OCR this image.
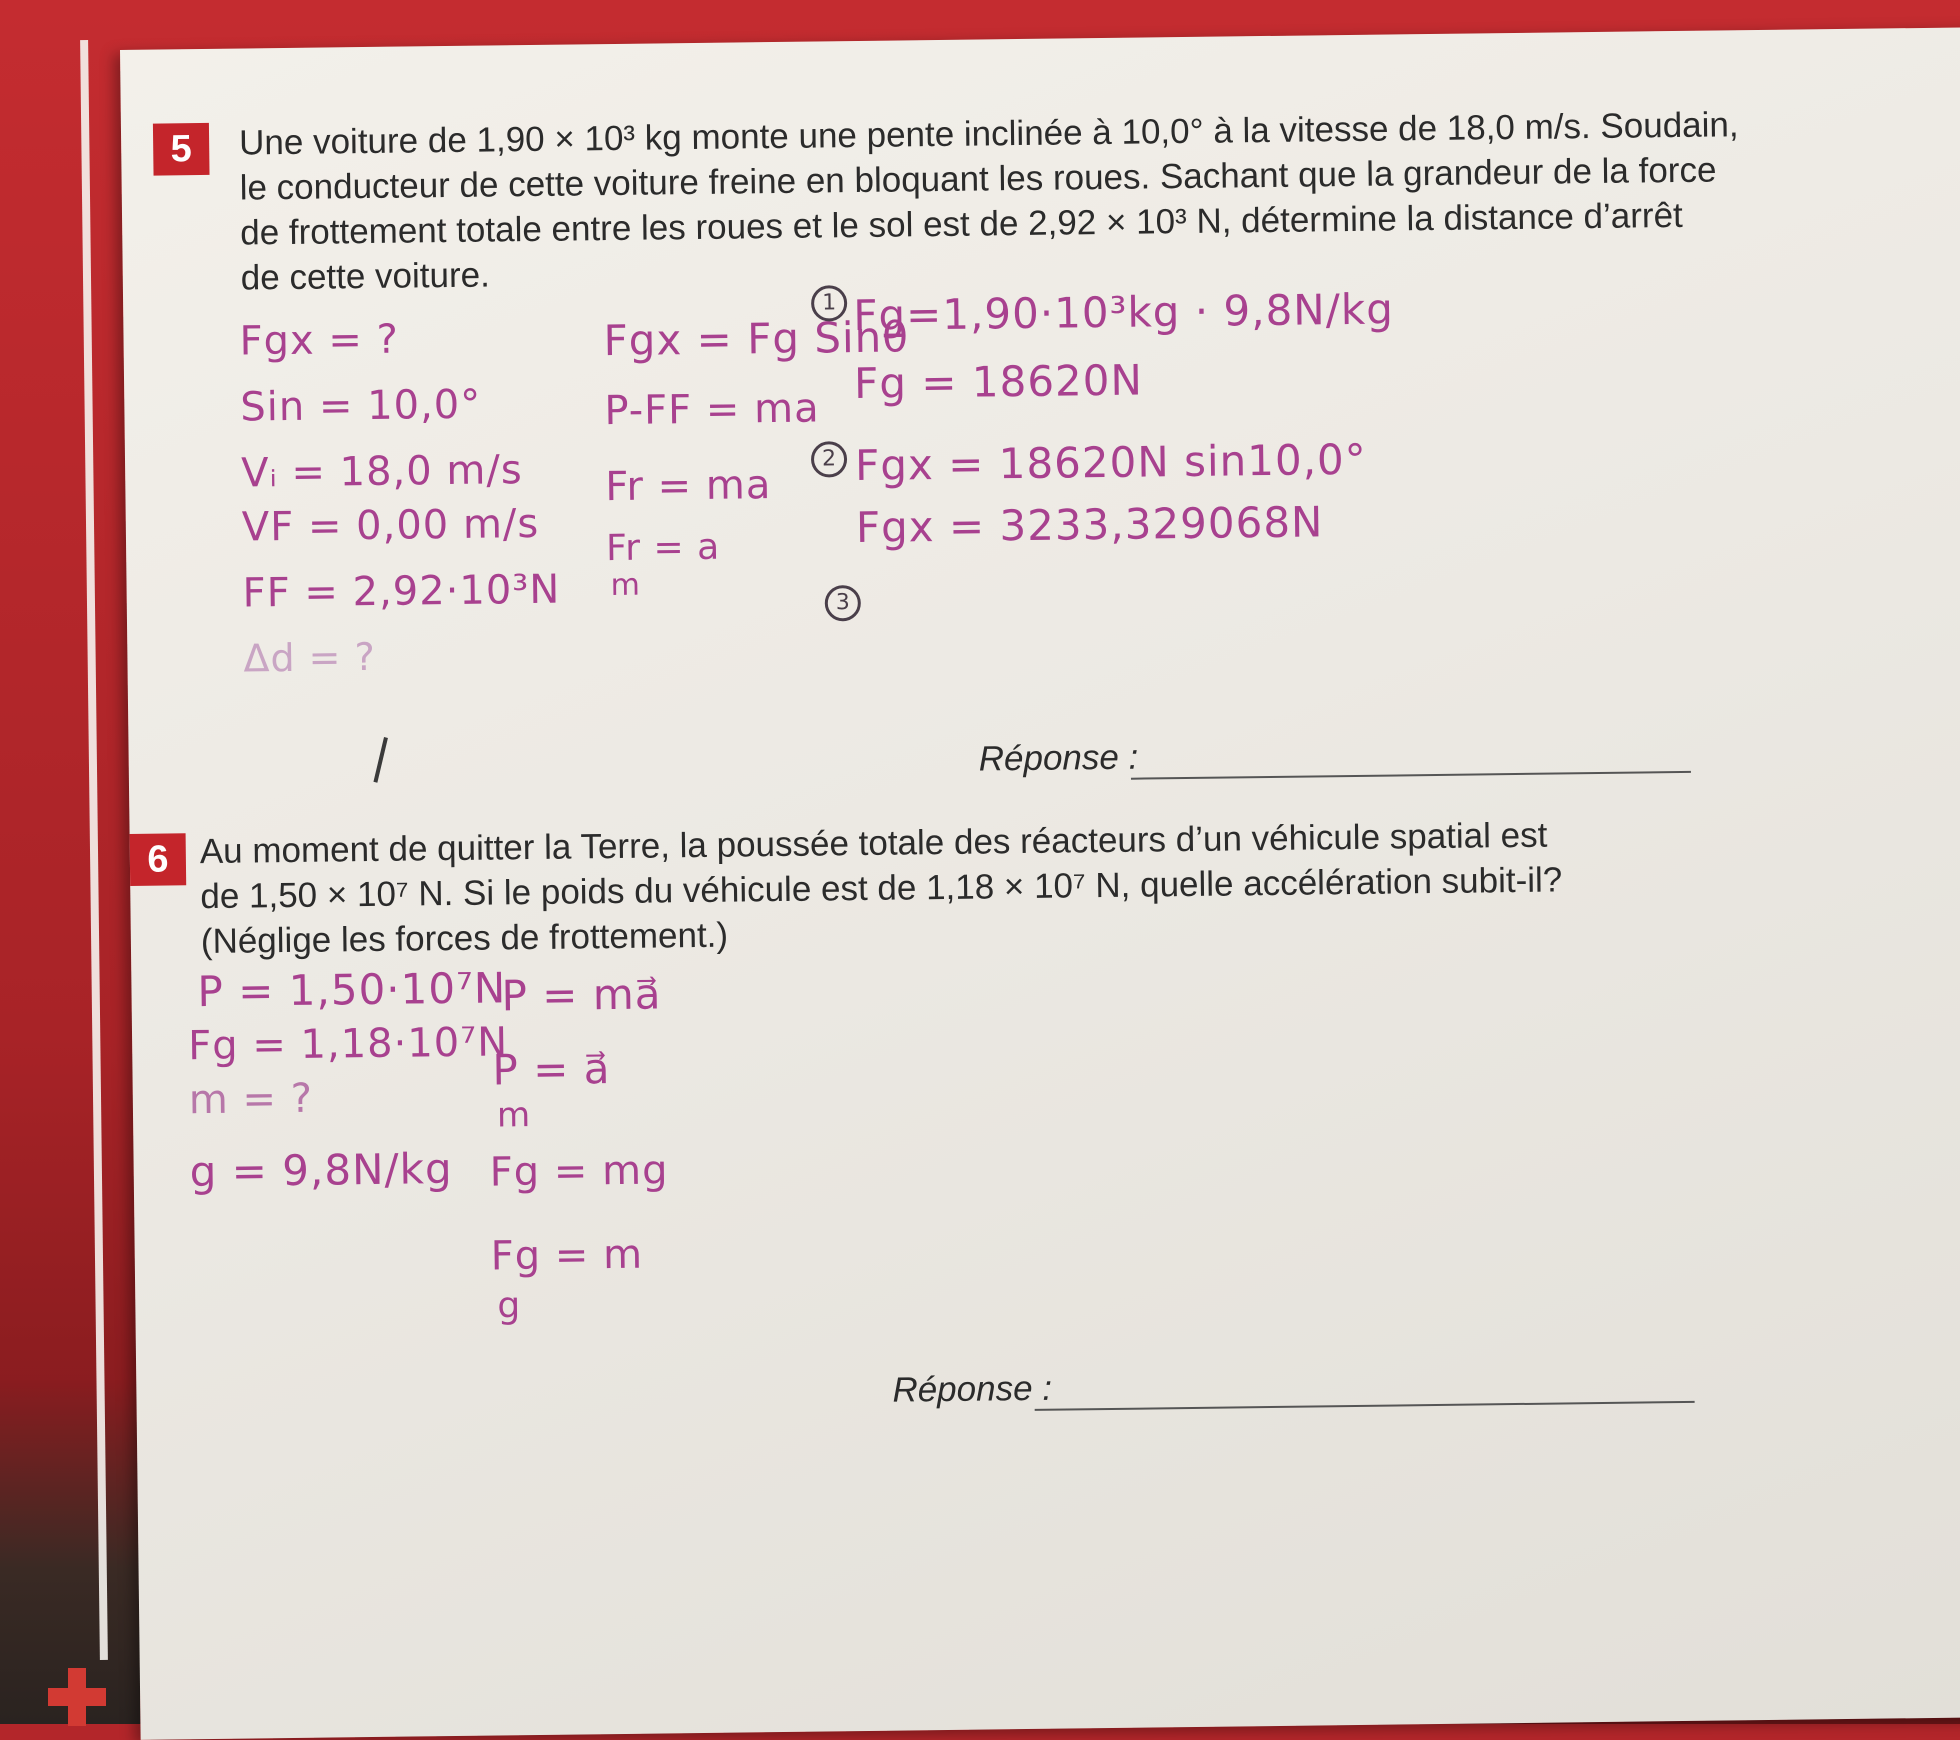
5	Une voiture de 1,90 × 10³ kg monte une pente inclinée à 10,0° à la vitesse de 18,0 m/s. Soudain,
le conducteur de cette voiture freine en bloquant les roues. Sachant que la grandeur de la force
de frottement totale entre les roues et le sol est de 2,92 × 10³ N, détermine la distance d’arrêt
de cette voiture.
Fgx = ?
Sin = 10,0°
Vᵢ = 18,0 m/s
VF = 0,00 m/s
FF = 2,92·10³N
Δd = ?
Fgx = Fg Sinθ
P-FF = ma
Fr = ma
Fr = a
m
1
2
3
Fg=1,90·10³kg · 9,8N/kg
Fg = 18620N
Fgx = 18620N sin10,0°
Fgx = 3233,329068N
Réponse :
6 Au moment de quitter la Terre, la poussée totale des réacteurs d’un véhicule spatial est
de 1,50 × 10⁷ N. Si le poids du véhicule est de 1,18 × 10⁷ N, quelle accélération subit-il?
(Néglige les forces de frottement.)
P = 1,50·10⁷N
Fg = 1,18·10⁷N
m = ?
g = 9,8N/kg
P = ma⃗
P = a⃗
m
Fg = mg
Fg = m
g
Réponse :
